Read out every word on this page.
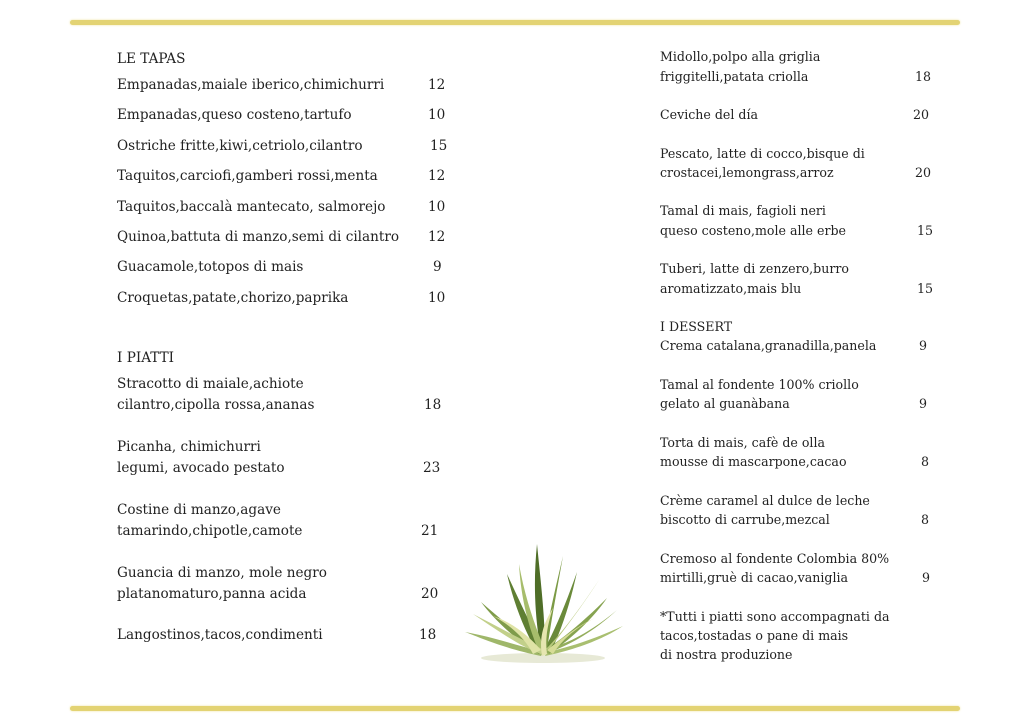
LE TAPAS
Empanadas,maiale iberico,chimichurri	12
Empanadas,queso costeno,tartufo	10
Ostriche fritte,kiwi,cetriolo,cilantro	15
Taquitos,carciofi,gamberi rossi,menta	12
Taquitos,baccalà mantecato, salmorejo	10
Quinoa,battuta di manzo,semi di cilantro 12
Guacamole,totopos di mais	9
Croquetas,patate,chorizo,paprika	10
I PIATTI
Stracotto di maiale,achiote
cilantro,cipolla rossa,ananas	18
Picanha, chimichurri
legumi, avocado pestato	23
Costine di manzo,agave
tamarindo,chipotle,camote	21
Guancia di manzo, mole negro
platanomaturo,panna acida	20
Langostinos,tacos,condimenti	18
Midollo,polpo alla griglia
friggitelli,patata criolla	18
Ceviche del día	20
Pescato, latte di cocco,bisque di
crostacei,lemongrass,arroz	20
Tamal di mais, fagioli neri
queso costeno,mole alle erbe	15
Tuberi, latte di zenzero,burro
aromatizzato,mais blu	15
I DESSERT
Crema catalana,granadilla,panela	9
Tamal al fondente 100% criollo
gelato al guanàbana	9
Torta di mais, cafè de olla
mousse di mascarpone,cacao	8
Crème caramel al dulce de leche
biscotto di carrube,mezcal	8
Cremoso al fondente Colombia 80%
mirtilli,gruè di cacao,vaniglia	9
*Tutti i piatti sono accompagnati da
tacos,tostadas o pane di mais
di nostra produzione
